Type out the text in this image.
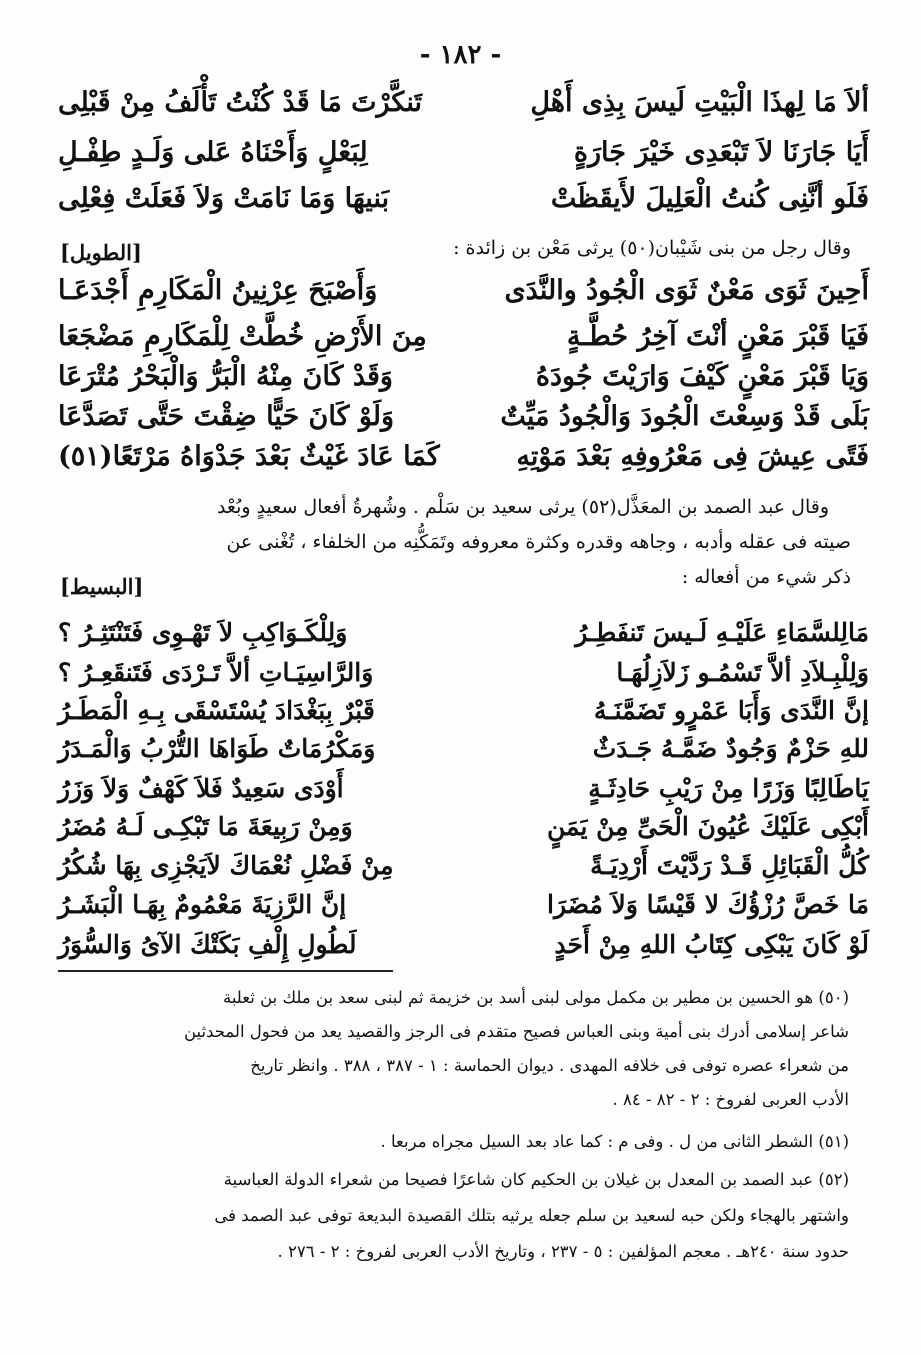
- ١٨٢ -
ألاَ مَا لِهذَا الْبَيْتِ لَيسَ بِذِى أَهْلِ
تَنكَّرْتَ مَا قَدْ كُنْتُ تَأْلَفُ مِنْ قَبْلِى
أَيَا جَارَنَا لاَ تَبْعَدِى خَيْرَ جَارَةٍ
لِبَعْلٍ وَأَحْنَاهُ عَلى وَلَـدٍ طِفْـلِ
فَلَو أنَّنِى كُنتُ الْعَلِيلَ لأَيقَظَتْ
بَنيهَا وَمَا نَامَتْ وَلاَ فَعَلَتْ فِعْلِى
وقال رجل من بنى شَيْبان(٥٠) يرثى مَعْن بن زائدة :
[الطويل]
أَحِينَ ثَوَى مَعْنٌ ثَوَى الْجُودُ والنَّدَى
وَأَصْبَحَ عِرْنِينُ الْمَكَارِمِ أَجْدَعَـا
فَيَا قَبْرَ مَعْنٍ أنْتَ آخِرُ حُطَّـةٍ
مِنَ الأَرْضِ خُطَّتْ لِلْمَكَارِمِ مَضْجَعَا
وَيَا قَبْرَ مَعْنٍ كَيْفَ وَارَيْتَ جُودَهُ
وَقَدْ كَانَ مِنْهُ الْبَرُّ وَالْبَحْرُ مُتْرَعَا
بَلَى قَدْ وَسِعْتَ الْجُودَ وَالْجُودُ مَيِّتٌ
وَلَوْ كَانَ حَيًّا ضِقْتَ حَتَّى تَصَدَّعَا
فَتًى عِيشَ فِى مَعْرُوفِهِ بَعْدَ مَوْتِهِ
كَمَا عَادَ غَيْثٌ بَعْدَ جَدْوَاهُ مَرْتَعًا(٥١)
وقال عبد الصمد بن المعَذَّل(٥٢) يرثى سعيد بن سَلْم . وشُهرةُ أفعال سعيدٍ وبُعْد
صيته فى عقله وأدبه ، وجاهه وقدره وكثرة معروفه وتَمَكُّنِه من الخلفاء ، تُغْنى عن
ذكر شيء من أفعاله :
[البسيط]
مَالِلسَّمَاءِ عَلَيْـهِ لَـيسَ تَنفَطِـرُ
وَلِلْكَـوَاكِبِ لاَ تَهْـوِى فَتَنْتَثِـرُ ؟
وَلِلْبِـلاَدِ ألاَّ تَسْمُـو زَلاَزِلُهَـا
وَالرَّاسِيَـاتِ ألاَّ تَـرْدَى فَتَنقَعِـرُ ؟
إنَّ النَّدَى وَأَبَا عَمْرٍو تَضَمَّنَـهُ
قَبْرٌ بِبَغْدَادَ يُسْتَسْقَى بِـهِ الْمَطَـرُ
للهِ حَزْمٌ وَجُودٌ ضَمَّـهُ جَـدَثٌ
وَمَكْرُمَاتٌ طَوَاهَا التُّرْبُ وَالْمَـدَرُ
يَاطَالِبًا وَزَرًا مِنْ رَيْبِ حَادِثَـةٍ
أَوْدَى سَعِيدٌ فَلاَ كَهْفٌ وَلاَ وَزَرُ
أَبْكِى عَلَيْكَ عُيُونَ الْحَىِّ مِنْ يَمَنٍ
وَمِنْ رَبِيعَةَ مَا تَبْكِـى لَـهُ مُضَرُ
كُلُّ الْقَبَائِلِ قَـدْ رَدَّيْتَ أَرْدِيَـةً
مِنْ فَضْلِ نُعْمَاكَ لاَيَجْزِى بِهَا شُكُرُ
مَا خَصَّ رُزْؤُكَ لا قَيْسًا وَلاَ مُضَرَا
إنَّ الرَّزِيَةَ مَعْمُومٌ بِهَـا الْبَشَـرُ
لَوْ كَانَ يَبْكِى كِتَابُ اللهِ مِنْ أَحَدٍ
لَطُولِ إِلْفِ بَكَتْكَ الآىُ وَالسُّوَرُ
(٥٠) هو الحسين بن مطير بن مكمل مولى لبنى أسد بن خزيمة ثم لبنى سعد بن ملك بن ثعلبة
شاعر إسلامى أدرك بنى أمية وبنى العباس فصيح متقدم فى الرجز والقصيد يعد من فحول المحدثين
من شعراء عصره توفى فى خلافه المهدى . ديوان الحماسة : ١ - ٣٨٧ ، ٣٨٨ . وانظر تاريخ
الأدب العربى لفروخ : ٢ - ٨٢ - ٨٤ .
(٥١) الشطر الثانى من ل . وفى م : كما عاد بعد السيل مجراه مربعا .
(٥٢) عبد الصمد بن المعدل بن غيلان بن الحكيم كان شاعرًا فصيحا من شعراء الدولة العباسية
واشتهر بالهجاء ولكن حبه لسعيد بن سلم جعله يرثيه بتلك القصيدة البديعة توفى عبد الصمد فى
حدود سنة ٢٤٠هـ . معجم المؤلفين : ٥ - ٢٣٧ ، وتاريخ الأدب العربى لفروخ : ٢ - ٢٧٦ .
